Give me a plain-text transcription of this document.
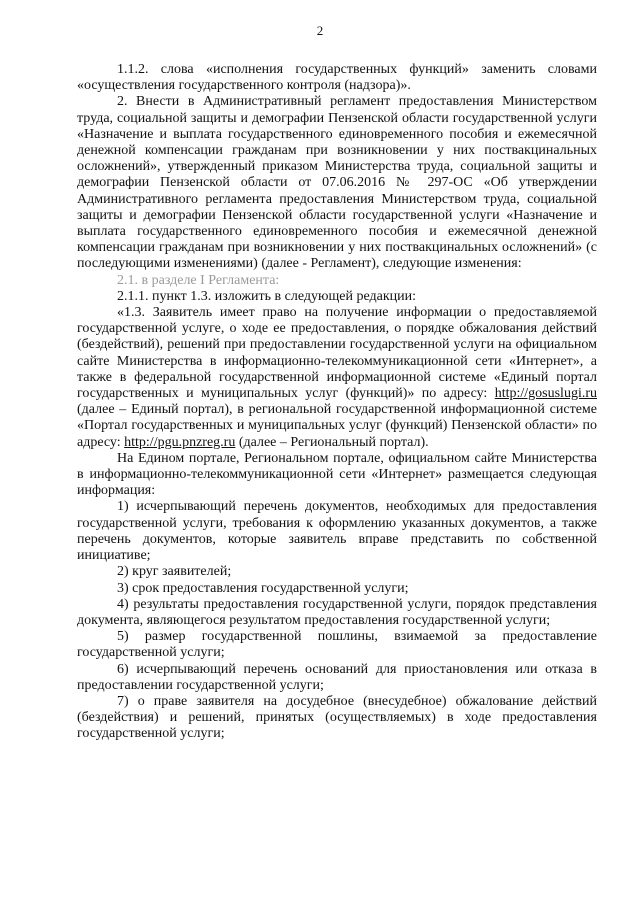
2

1.1.2. слова «исполнения государственных функций» заменить словами «осуществления государственного контроля (надзора)».

2. Внести в Административный регламент предоставления Министерством труда, социальной защиты и демографии Пензенской области государственной услуги «Назначение и выплата государственного единовременного пособия и ежемесячной денежной компенсации гражданам при возникновении у них поствакцинальных осложнений», утвержденный приказом Министерства труда, социальной защиты и демографии Пензенской области от 07.06.2016 № 297-ОС «Об утверждении Административного регламента предоставления Министерством труда, социальной защиты и демографии Пензенской области государственной услуги «Назначение и выплата государственного единовременного пособия и ежемесячной денежной компенсации гражданам при возникновении у них поствакцинальных осложнений» (с последующими изменениями) (далее - Регламент), следующие изменения:

2.1. в разделе I Регламента:

2.1.1. пункт 1.3. изложить в следующей редакции:

«1.3. Заявитель имеет право на получение информации о предоставляемой государственной услуге, о ходе ее предоставления, о порядке обжалования действий (бездействий), решений при предоставлении государственной услуги на официальном сайте Министерства в информационно-телекоммуникационной сети «Интернет», а также в федеральной государственной информационной системе «Единый портал государственных и муниципальных услуг (функций)» по адресу: http://gosuslugi.ru (далее – Единый портал), в региональной государственной информационной системе «Портал государственных и муниципальных услуг (функций) Пензенской области» по адресу: http://pgu.pnzreg.ru (далее – Региональный портал).

На Едином портале, Региональном портале, официальном сайте Министерства в информационно-телекоммуникационной сети «Интернет» размещается следующая информация:

1) исчерпывающий перечень документов, необходимых для предоставления государственной услуги, требования к оформлению указанных документов, а также перечень документов, которые заявитель вправе представить по собственной инициативе;

2) круг заявителей;

3) срок предоставления государственной услуги;

4) результаты предоставления государственной услуги, порядок представления документа, являющегося результатом предоставления государственной услуги;

5) размер государственной пошлины, взимаемой за предоставление государственной услуги;

6) исчерпывающий перечень оснований для приостановления или отказа в предоставлении государственной услуги;

7) о праве заявителя на досудебное (внесудебное) обжалование действий (бездействия) и решений, принятых (осуществляемых) в ходе предоставления государственной услуги;
